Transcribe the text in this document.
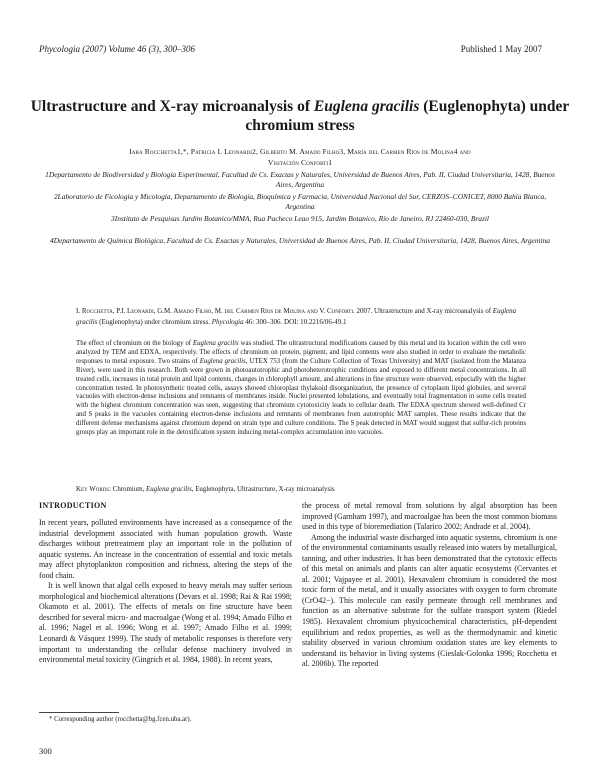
Phycologia (2007) Volume 46 (3), 300–306	Published 1 May 2007
Ultrastructure and X-ray microanalysis of Euglena gracilis (Euglenophyta) under chromium stress
Iara Rocchetta1,*, Patricia I. Leonardi2, Gilberto M. Amado Filho3, María del Carmen Ríos de Molina4 and
Visitación Conforti1
1Departamento de Biodiversidad y Biología Experimental, Facultad de Cs. Exactas y Naturales, Universidad de Buenos Aires, Pab. II, Ciudad Universitaria, 1428, Buenos Aires, Argentina
2Laboratorio de Ficología y Micología, Departamento de Biología, Bioquímica y Farmacia, Universidad Nacional del Sur, CERZOS–CONICET, 8000 Bahía Blanca, Argentina
3Instituto de Pesquisas Jardim Botanico/MMA, Rua Pacheco Leao 915, Jardim Botanico, Río de Janeiro, RJ 22460-030, Brazil
4Departamento de Química Biológica, Facultad de Cs. Exactas y Naturales, Universidad de Buenos Aires, Pab. II, Ciudad Universitaria, 1428, Buenos Aires, Argentina
I. Rocchetta, P.I. Leonardi, G.M. Amado Filho, M. del Carmen Ríos de Molina and V. Conforti. 2007. Ultrastructure and X-ray microanalysis of Euglena gracilis (Euglenophyta) under chromium stress. Phycologia 46: 300–306. DOI: 10.2216/06-49.1
The effect of chromium on the biology of Euglena gracilis was studied. The ultrastructural modifications caused by this metal and its location within the cell were analyzed by TEM and EDXA, respectively. The effects of chromium on protein, pigment, and lipid contents were also studied in order to evaluate the metabolic responses to metal exposure. Two strains of Euglena gracilis, UTEX 753 (from the Culture Collection of Texas University) and MAT (isolated from the Matanza River), were used in this research. Both were grown in photoautotrophic and photoheterotrophic conditions and exposed to different metal concentrations. In all treated cells, increases in total protein and lipid contents, changes in chlorophyll amount, and alterations in fine structure were observed, especially with the higher concentration tested. In photosynthetic treated cells, assays showed chloroplast thylakoid disorganization, the presence of cytoplasm lipid globules, and several vacuoles with electron-dense inclusions and remnants of membranes inside. Nuclei presented lobulations, and eventually total fragmentation in some cells treated with the highest chromium concentration was seen, suggesting that chromium cytotoxicity leads to cellular death. The EDXA spectrum showed well-defined Cr and S peaks in the vacuoles containing electron-dense inclusions and remnants of membranes from autotrophic MAT samples. These results indicate that the different defense mechanisms against chromium depend on strain type and culture conditions. The S peak detected in MAT would suggest that sulfur-rich proteins groups play an important role in the detoxification system inducing metal-complex accumulation into vacuoles.
Key Words: Chromium, Euglena gracilis, Euglenophyta, Ultrastructure, X-ray microanalysis
INTRODUCTION

In recent years, polluted environments have increased as a consequence of the industrial development associated with human population growth. Waste discharges without pretreatment play an important role in the pollution of aquatic systems. An increase in the concentration of essential and toxic metals may affect phytoplankton composition and richness, altering the steps of the food chain.

It is well known that algal cells exposed to heavy metals may suffer serious morphological and biochemical alterations (Devars et al. 1998; Rai & Rai 1998; Okamoto et al. 2001). The effects of metals on fine structure have been described for several micro- and macroalgae (Wong et al. 1994; Amado Filho et al. 1996; Nagel et al. 1996; Wong et al. 1997; Amado Filho et al. 1999; Leonardi & Vásquez 1999). The study of metabolic responses is therefore very important to understanding the cellular defense machinery involved in environmental metal toxicity (Gingrich et al. 1984, 1988). In recent years,

the process of metal removal from solutions by algal absorption has been improved (Garnham 1997), and macroalgae has been the most common biomass used in this type of bioremediation (Talarico 2002; Andrade et al. 2004).

Among the industrial waste discharged into aquatic systems, chromium is one of the environmental contaminants usually released into waters by metallurgical, tanning, and other industries. It has been demonstrated that the cytotoxic effects of this metal on animals and plants can alter aquatic ecosystems (Cervantes et al. 2001; Vajpayee et al. 2001). Hexavalent chromium is considered the most toxic form of the metal, and it usually associates with oxygen to form chromate (CrO42−). This molecule can easily permeate through cell membranes and function as an alternative substrate for the sulfate transport system (Riedel 1985). Hexavalent chromium physicochemical characteristics, pH-dependent equilibrium and redox properties, as well as the thermodynamic and kinetic stability observed in various chromium oxidation states are key elements to understand its behavior in living systems (Cieslak-Golonka 1996; Rocchetta et al. 2006b). The reported

* Corresponding author (rocchetta@bg.fcen.uba.ar).
300
